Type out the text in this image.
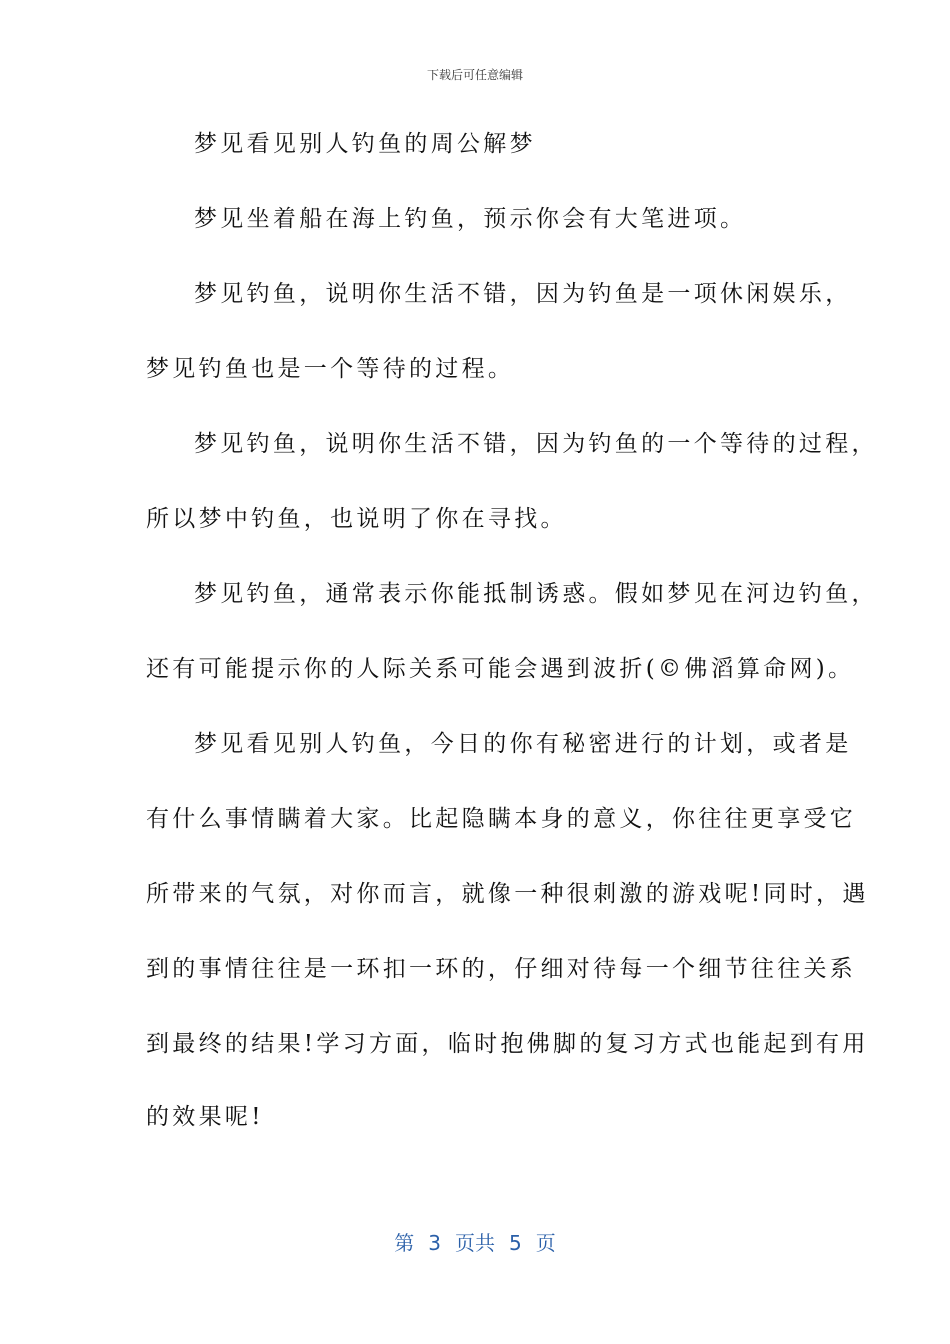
下载后可任意编辑
梦见看见别人钓鱼的周公解梦
梦见坐着船在海上钓鱼，预示你会有大笔进项。
梦见钓鱼，说明你生活不错，因为钓鱼是一项休闲娱乐，
梦见钓鱼也是一个等待的过程。
梦见钓鱼，说明你生活不错，因为钓鱼的一个等待的过程，
所以梦中钓鱼，也说明了你在寻找。
梦见钓鱼，通常表示你能抵制诱惑。假如梦见在河边钓鱼，
还有可能提示你的人际关系可能会遇到波折(©佛滔算命网)。
梦见看见别人钓鱼，今日的你有秘密进行的计划，或者是
有什么事情瞒着大家。比起隐瞒本身的意义，你往往更享受它
所带来的气氛，对你而言，就像一种很刺激的游戏呢!同时，遇
到的事情往往是一环扣一环的，仔细对待每一个细节往往关系
到最终的结果!学习方面，临时抱佛脚的复习方式也能起到有用
的效果呢!
第 3 页共 5 页
